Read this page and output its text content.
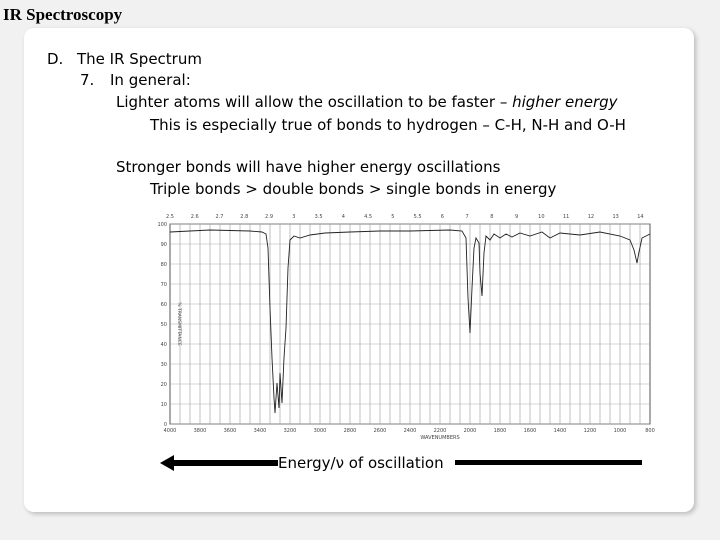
IR Spectroscopy
D. The IR Spectrum
7. In general:
Lighter atoms will allow the oscillation to be faster – higher energy
This is especially true of bonds to hydrogen – C-H, N-H and O-H
Stronger bonds will have higher energy oscillations
Triple bonds > double bonds > single bonds in energy
100
90
80
70
60
50
40
30
20
10
0
2.5	2.6	2.7	2.8	2.9	3	3.5	4	4.5	5	5.5	6	7	8	9	10	11	12	13	14
4000	3800	3600	3400	3200	3000	2800	2600	2400	2200	2000	1800	1600	1400	1200	1000	800
WAVENUMBERS
% TRANSMITTANCE
Energy/ν of oscillation
